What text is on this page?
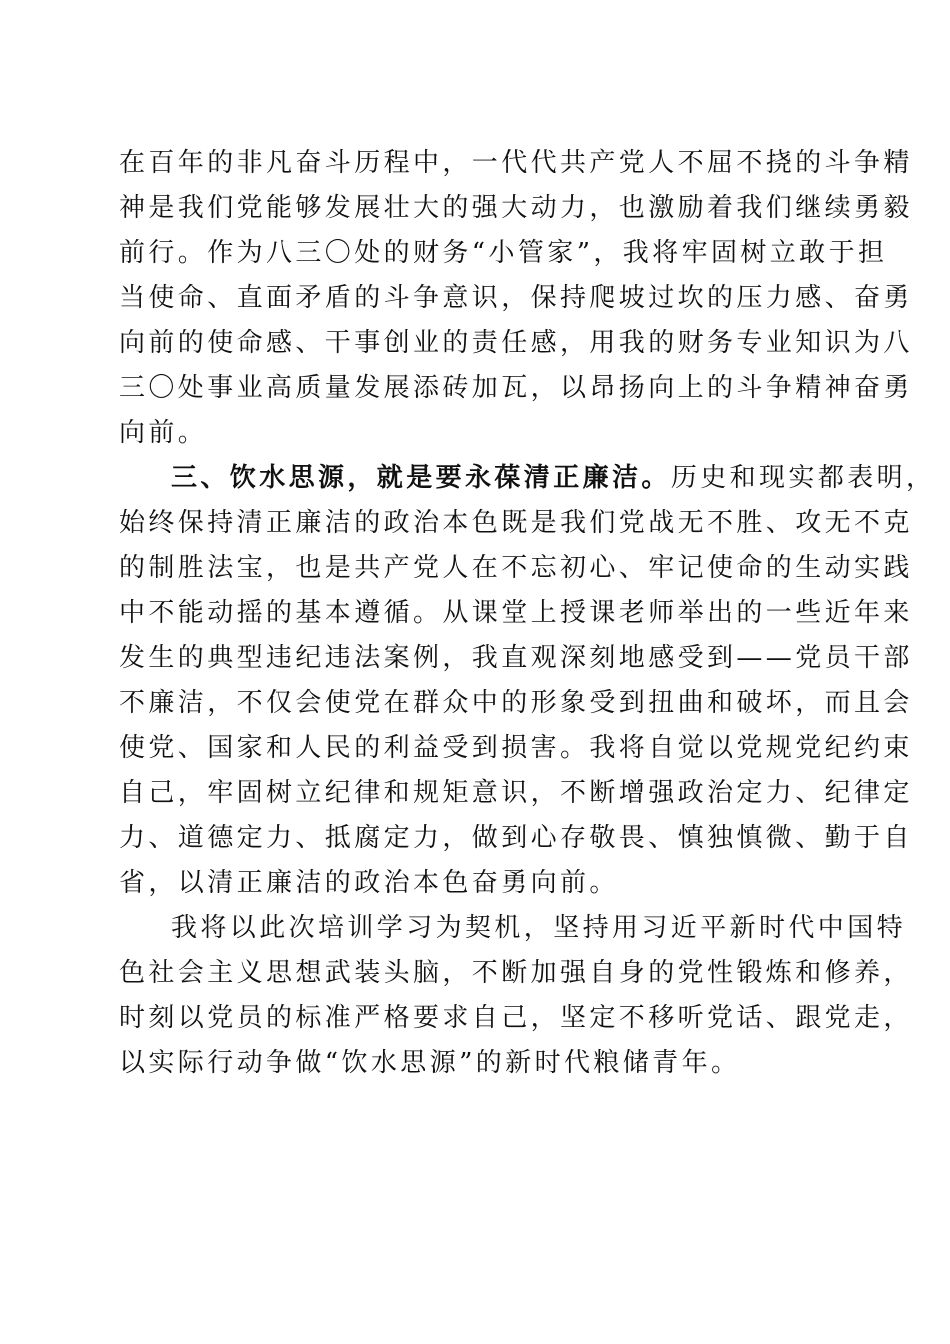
在百年的非凡奋斗历程中，一代代共产党人不屈不挠的斗争精
神是我们党能够发展壮大的强大动力，也激励着我们继续勇毅
前行。作为八三〇处的财务“小管家”，我将牢固树立敢于担
当使命、直面矛盾的斗争意识，保持爬坡过坎的压力感、奋勇
向前的使命感、干事创业的责任感，用我的财务专业知识为八
三〇处事业高质量发展添砖加瓦，以昂扬向上的斗争精神奋勇
向前。
三、饮水思源，就是要永葆清正廉洁。历史和现实都表明，
始终保持清正廉洁的政治本色既是我们党战无不胜、攻无不克
的制胜法宝，也是共产党人在不忘初心、牢记使命的生动实践
中不能动摇的基本遵循。从课堂上授课老师举出的一些近年来
发生的典型违纪违法案例，我直观深刻地感受到——党员干部
不廉洁，不仅会使党在群众中的形象受到扭曲和破坏，而且会
使党、国家和人民的利益受到损害。我将自觉以党规党纪约束
自己，牢固树立纪律和规矩意识，不断增强政治定力、纪律定
力、道德定力、抵腐定力，做到心存敬畏、慎独慎微、勤于自
省，以清正廉洁的政治本色奋勇向前。
我将以此次培训学习为契机，坚持用习近平新时代中国特
色社会主义思想武装头脑，不断加强自身的党性锻炼和修养，
时刻以党员的标准严格要求自己，坚定不移听党话、跟党走，
以实际行动争做“饮水思源”的新时代粮储青年。
